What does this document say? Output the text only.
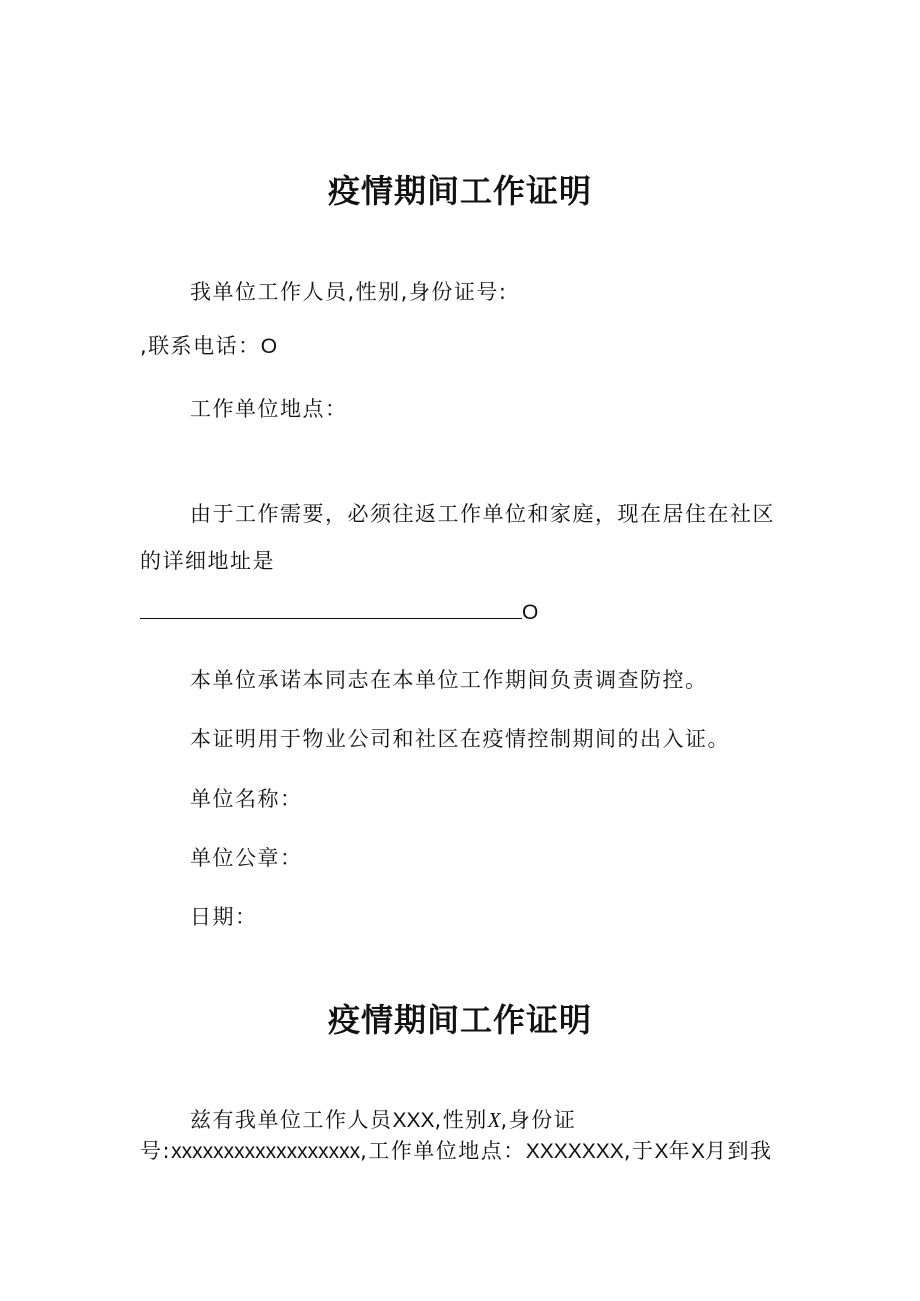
疫情期间工作证明

我单位工作人员,性别,身份证号:

,联系电话：O

工作单位地点：

由于工作需要，必须往返工作单位和家庭，现在居住在社区

的详细地址是

O

本单位承诺本同志在本单位工作期间负责调查防控。

本证明用于物业公司和社区在疫情控制期间的出入证。

单位名称：

单位公章：

日期：

疫情期间工作证明

兹有我单位工作人员XXX,性别X,身份证

号:xxxxxxxxxxxxxxxxxx,工作单位地点：XXXXXXX,于X年X月到我
